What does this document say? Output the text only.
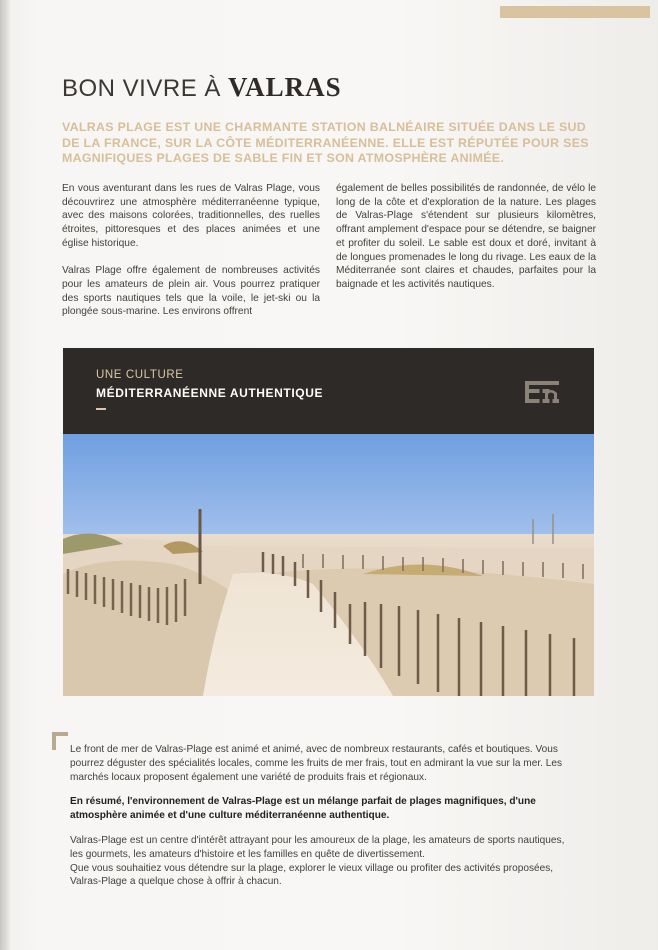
BON VIVRE À VALRAS
VALRAS PLAGE EST UNE CHARMANTE STATION BALNÉAIRE SITUÉE DANS LE SUD DE LA FRANCE, SUR LA CÔTE MÉDITERRANÉENNE. ELLE EST RÉPUTÉE POUR SES MAGNIFIQUES PLAGES DE SABLE FIN ET SON ATMOSPHÈRE ANIMÉE.

En vous aventurant dans les rues de Valras Plage, vous découvrirez une atmosphère méditerranéenne typique, avec des maisons colorées, traditionnelles, des ruelles étroites, pittoresques et des places animées et une église historique.

Valras Plage offre également de nombreuses activités pour les amateurs de plein air. Vous pourrez pratiquer des sports nautiques tels que la voile, le jet-ski ou la plongée sous-marine. Les environs offrent

également de belles possibilités de randonnée, de vélo le long de la côte et d'exploration de la nature. Les plages de Valras-Plage s'étendent sur plusieurs kilomètres, offrant amplement d'espace pour se détendre, se baigner et profiter du soleil. Le sable est doux et doré, invitant à de longues promenades le long du rivage. Les eaux de la Méditerranée sont claires et chaudes, parfaites pour la baignade et les activités nautiques.

UNE CULTURE
MÉDITERRANÉENNE AUTHENTIQUE

Le front de mer de Valras-Plage est animé et animé, avec de nombreux restaurants, cafés et boutiques. Vous pourrez déguster des spécialités locales, comme les fruits de mer frais, tout en admirant la vue sur la mer. Les marchés locaux proposent également une variété de produits frais et régionaux.

En résumé, l'environnement de Valras-Plage est un mélange parfait de plages magnifiques, d'une atmosphère animée et d'une culture méditerranéenne authentique.

Valras-Plage est un centre d'intérêt attrayant pour les amoureux de la plage, les amateurs de sports nautiques, les gourmets, les amateurs d'histoire et les familles en quête de divertissement.

Que vous souhaitiez vous détendre sur la plage, explorer le vieux village ou profiter des activités proposées, Valras-Plage a quelque chose à offrir à chacun.
